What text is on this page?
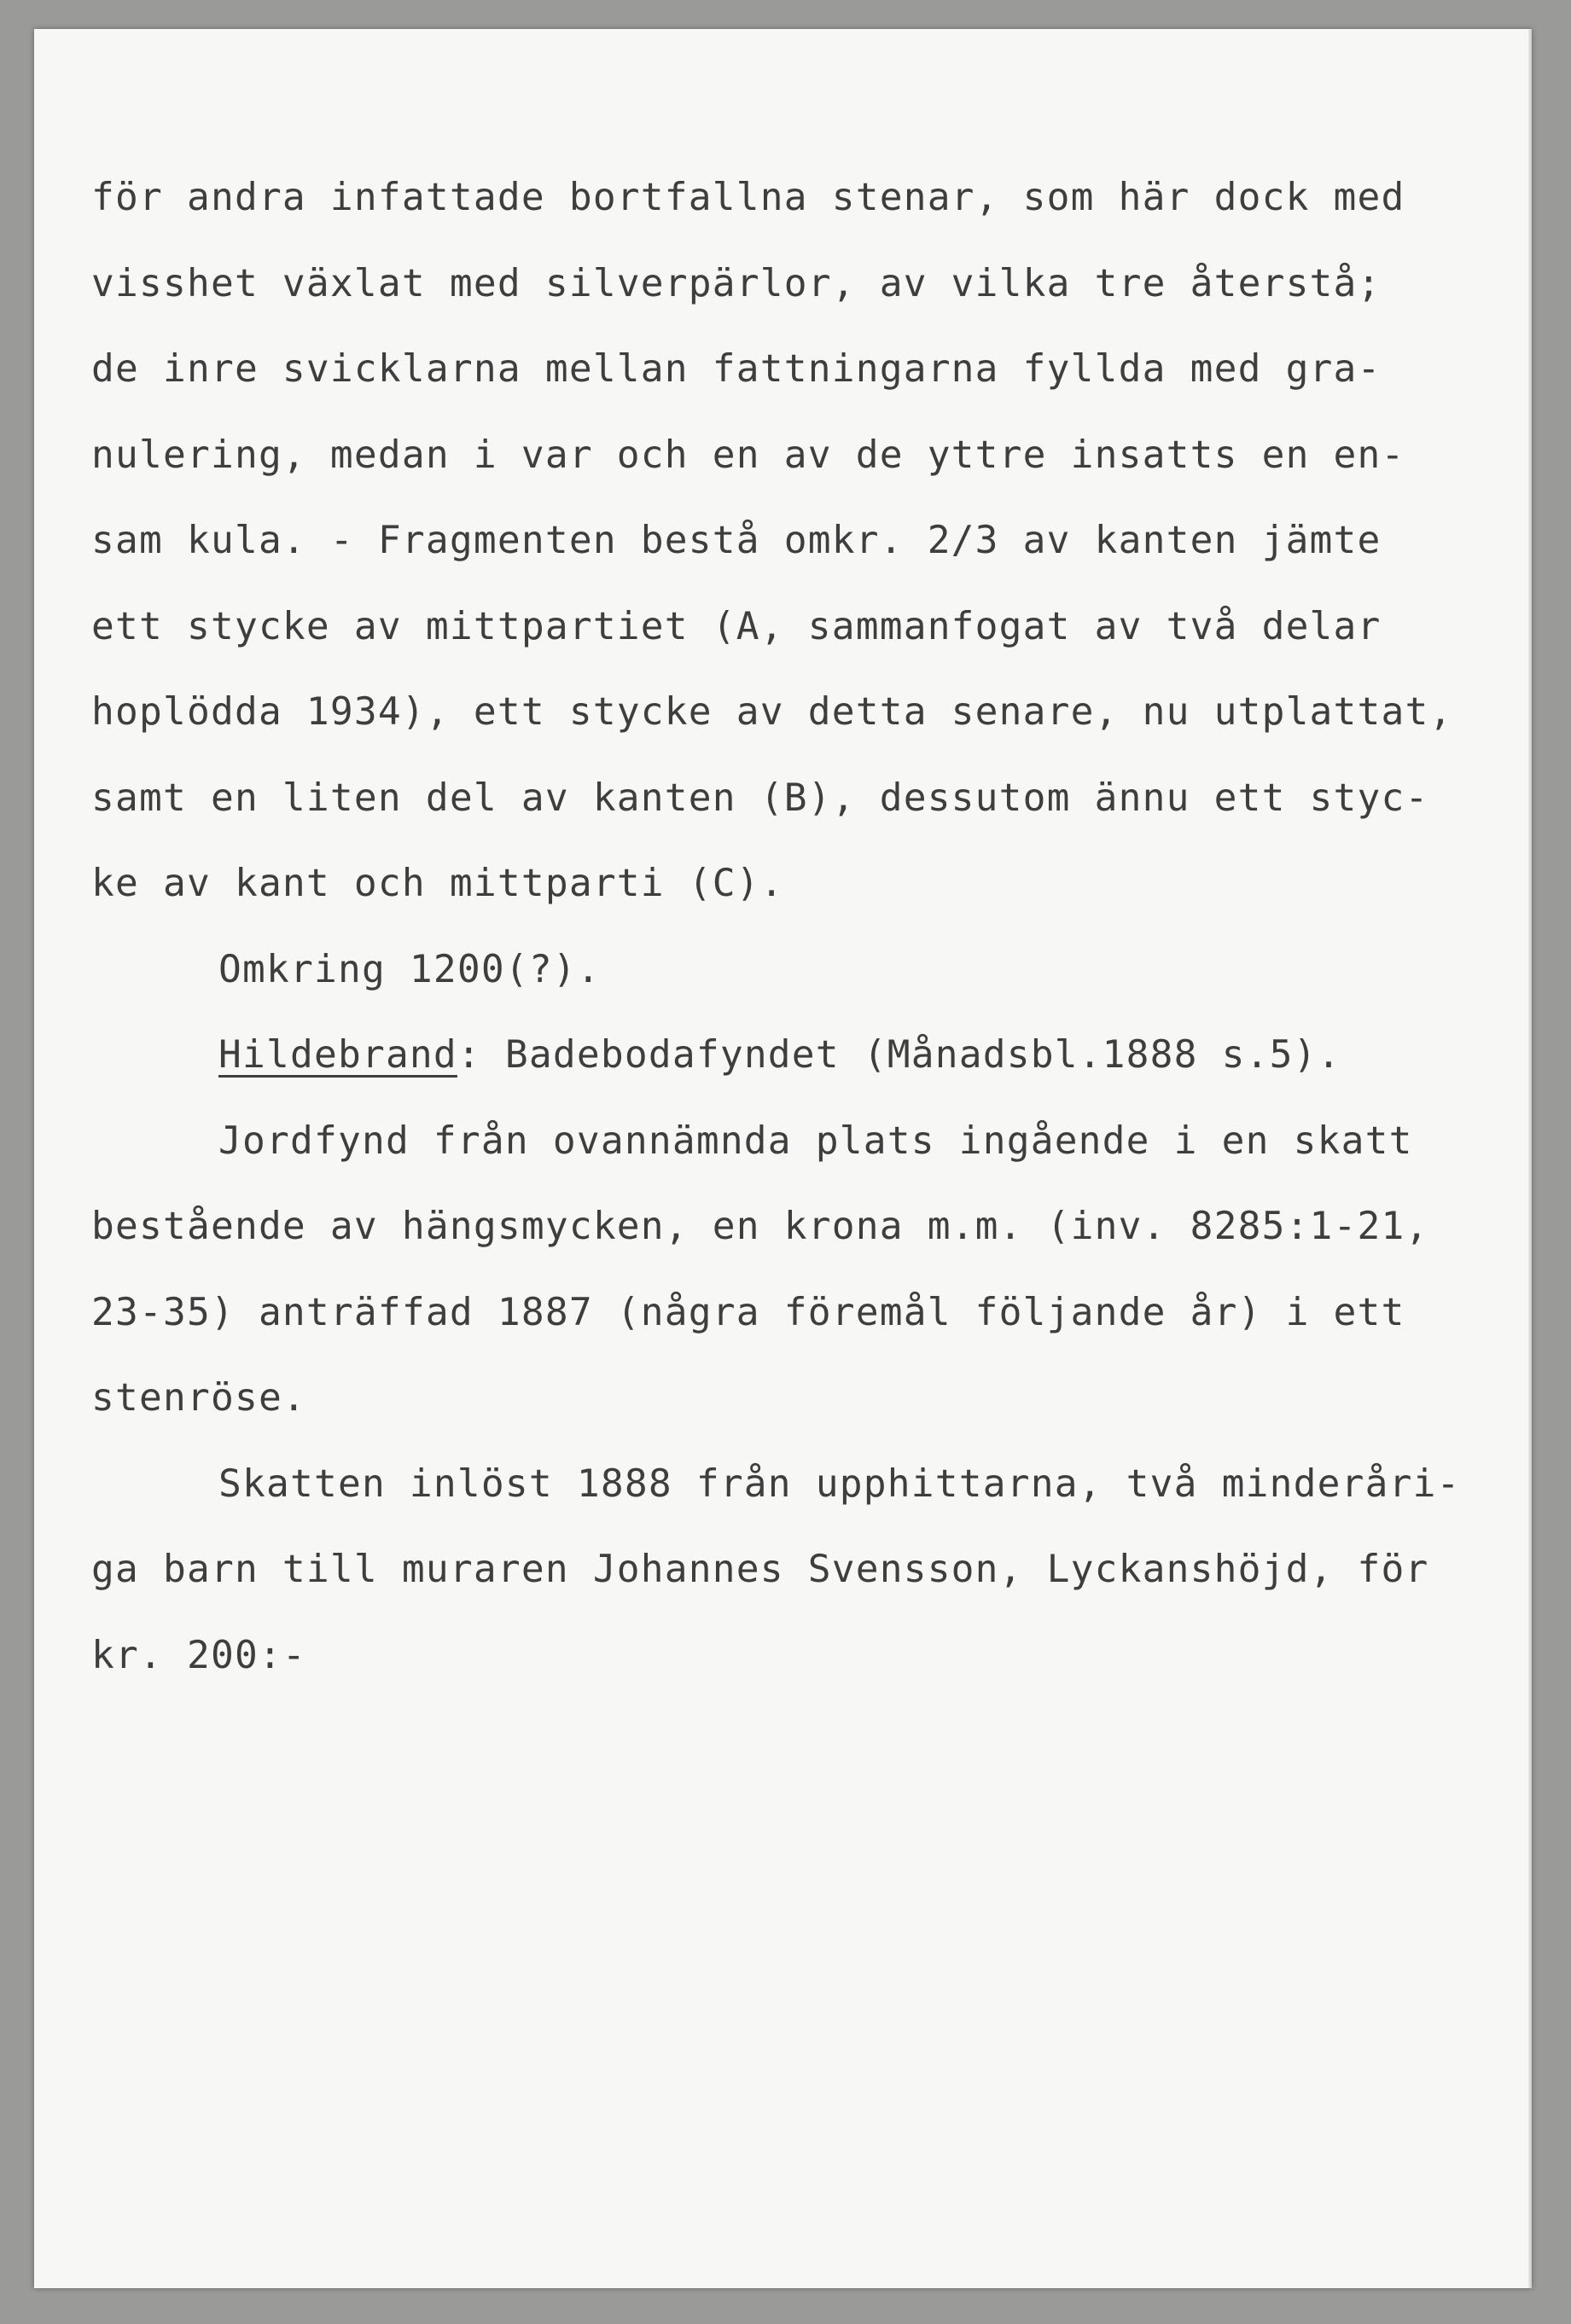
för andra infattade bortfallna stenar, som här dock med
visshet växlat med silverpärlor, av vilka tre återstå;
de inre svicklarna mellan fattningarna fyllda med gra-
nulering, medan i var och en av de yttre insatts en en-
sam kula. - Fragmenten bestå omkr. 2/3 av kanten jämte
ett stycke av mittpartiet (A, sammanfogat av två delar
hoplödda 1934), ett stycke av detta senare, nu utplattat,
samt en liten del av kanten (B), dessutom ännu ett styc-
ke av kant och mittparti (C).
Omkring 1200(?).
Hildebrand: Badebodafyndet (Månadsbl.1888 s.5).
Jordfynd från ovannämnda plats ingående i en skatt
bestående av hängsmycken, en krona m.m. (inv. 8285:1-21,
23-35) anträffad 1887 (några föremål följande år) i ett
stenröse.
Skatten inlöst 1888 från upphittarna, två minderåri-
ga barn till muraren Johannes Svensson, Lyckanshöjd, för
kr. 200:-
